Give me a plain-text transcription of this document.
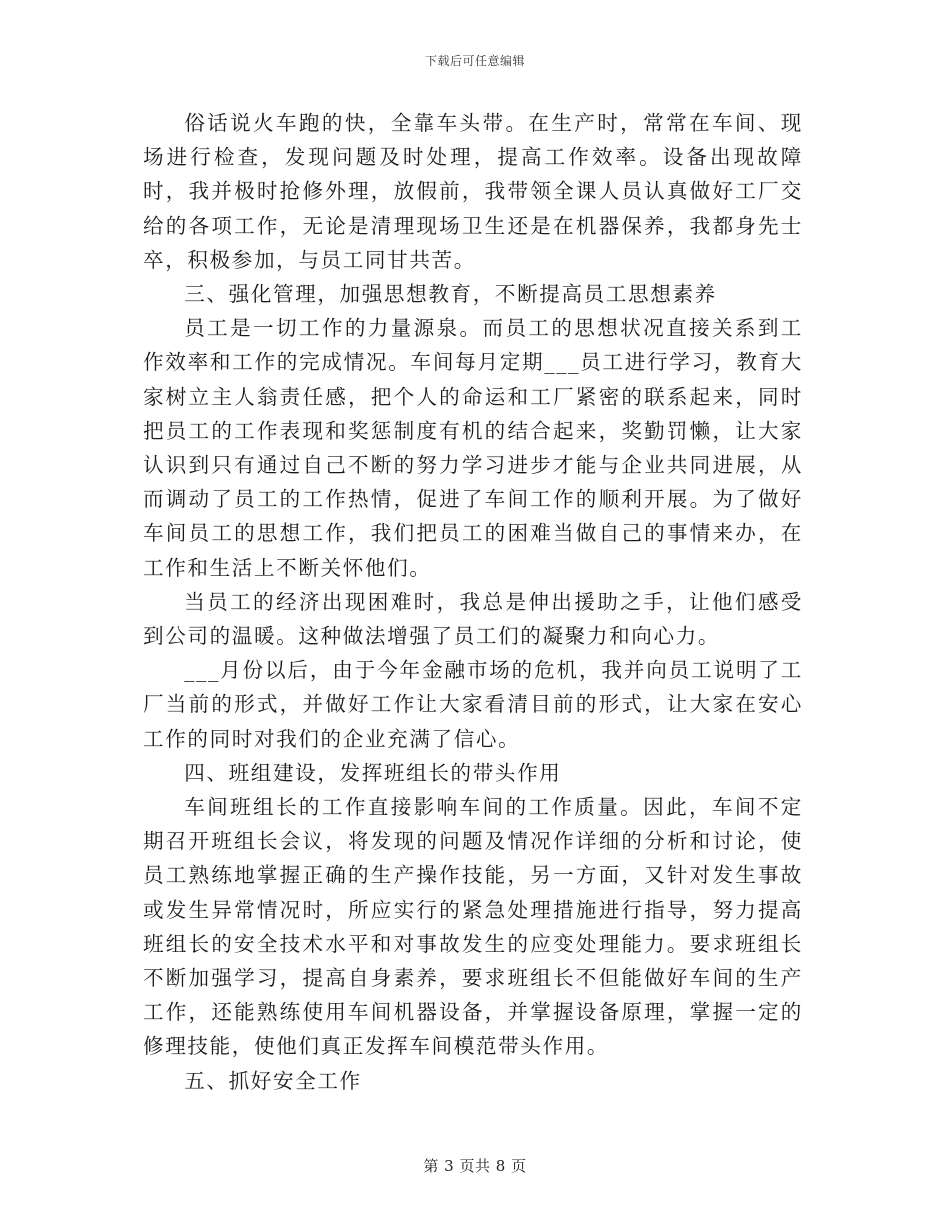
下载后可任意编辑

俗话说火车跑的快，全靠车头带。在生产时，常常在车间、现场进行检查，发现问题及时处理，提高工作效率。设备出现故障时，我并极时抢修外理，放假前，我带领全课人员认真做好工厂交给的各项工作，无论是清理现场卫生还是在机器保养，我都身先士卒，积极参加，与员工同甘共苦。

三、强化管理，加强思想教育，不断提高员工思想素养

员工是一切工作的力量源泉。而员工的思想状况直接关系到工作效率和工作的完成情况。车间每月定期___员工进行学习，教育大家树立主人翁责任感，把个人的命运和工厂紧密的联系起来，同时把员工的工作表现和奖惩制度有机的结合起来，奖勤罚懒，让大家认识到只有通过自己不断的努力学习进步才能与企业共同进展，从而调动了员工的工作热情，促进了车间工作的顺利开展。为了做好车间员工的思想工作，我们把员工的困难当做自己的事情来办，在工作和生活上不断关怀他们。

当员工的经济出现困难时，我总是伸出援助之手，让他们感受到公司的温暖。这种做法增强了员工们的凝聚力和向心力。

___月份以后，由于今年金融市场的危机，我并向员工说明了工厂当前的形式，并做好工作让大家看清目前的形式，让大家在安心工作的同时对我们的企业充满了信心。

四、班组建设，发挥班组长的带头作用

车间班组长的工作直接影响车间的工作质量。因此，车间不定期召开班组长会议，将发现的问题及情况作详细的分析和讨论，使员工熟练地掌握正确的生产操作技能，另一方面，又针对发生事故或发生异常情况时，所应实行的紧急处理措施进行指导，努力提高班组长的安全技术水平和对事故发生的应变处理能力。要求班组长不断加强学习，提高自身素养，要求班组长不但能做好车间的生产工作，还能熟练使用车间机器设备，并掌握设备原理，掌握一定的修理技能，使他们真正发挥车间模范带头作用。

五、抓好安全工作

第 3 页共 8 页
